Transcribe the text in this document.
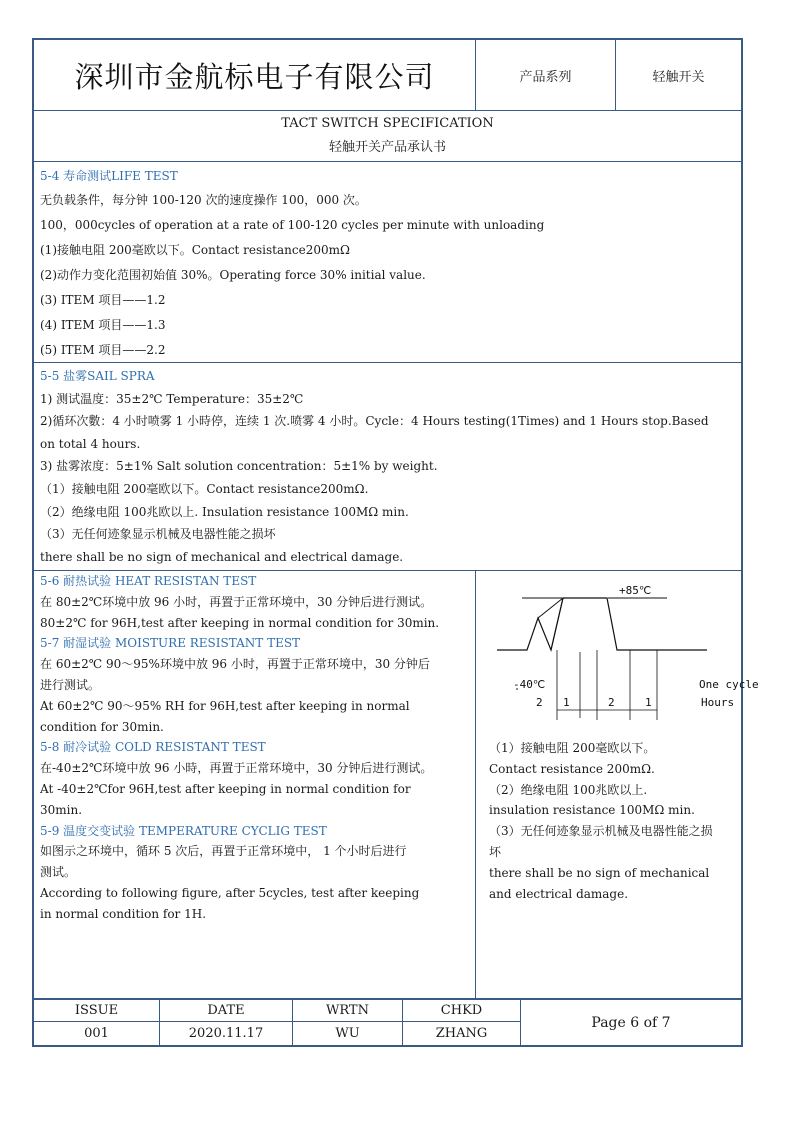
深圳市金航标电子有限公司	产品系列	轻触开关
TACT SWITCH SPECIFICATION
轻触开关产品承认书
5-4 寿命测试LIFE TEST
无负载条件，每分钟 100-120 次的速度操作 100，000 次。
100，000cycles of operation at a rate of 100-120 cycles per minute with unloading
(1)接触电阻 200毫欧以下。Contact resistance200mΩ
(2)动作力变化范围初始值 30%。Operating force 30% initial value.
(3) ITEM 项目——1.2
(4) ITEM 项目——1.3
(5) ITEM 项目——2.2
5-5 盐雾SAIL SPRA
1) 测试温度：35±2℃ Temperature：35±2℃
2)循环次數：4 小时喷雾 1 小時停，连续 1 次.喷雾 4 小时。Cycle：4 Hours testing(1Times) and 1 Hours stop.Based
on total 4 hours.
3) 盐雾浓度：5±1% Salt solution concentration：5±1% by weight.
（1）接触电阻 200毫欧以下。Contact resistance200mΩ.
（2）绝缘电阻 100兆欧以上. Insulation resistance 100MΩ min.
（3）无任何迹象显示机械及电器性能之损坏
there shall be no sign of mechanical and electrical damage.
5-6 耐热试验 HEAT RESISTAN TEST
在 80±2℃环境中放 96 小时，再置于正常环境中，30 分钟后进行测试。
80±2℃ for 96H,test after keeping in normal condition for 30min.
5-7 耐湿试验 MOISTURE RESISTANT TEST
在 60±2℃ 90～95%环境中放 96 小时，再置于正常环境中，30 分钟后
进行测试。
At 60±2℃ 90～95% RH for 96H,test after keeping in normal
condition for 30min.
5-8 耐冷试验 COLD RESISTANT TEST
在-40±2℃环境中放 96 小時，再置于正常环境中，30 分钟后进行测试。
At -40±2℃for 96H,test after keeping in normal condition for
30min.
5-9 温度交变试验 TEMPERATURE CYCLIG TEST
如图示之环境中，循环 5 次后，再置于正常环境中， 1 个小时后进行
测试。
According to following figure, after 5cycles, test after keeping
in normal condition for 1H.
+85℃
-40℃
2 1	2	1
One cycle
Hours
（1）接触电阻 200毫欧以下。
Contact resistance 200mΩ.
（2）绝缘电阻 100兆欧以上.
insulation resistance 100MΩ min.
（3）无任何迹象显示机械及电器性能之损
坏
there shall be no sign of mechanical
and electrical damage.
ISSUE	DATE	WRTN	CHKD
001	2020.11.17	WU	ZHANG
Page 6 of 7
